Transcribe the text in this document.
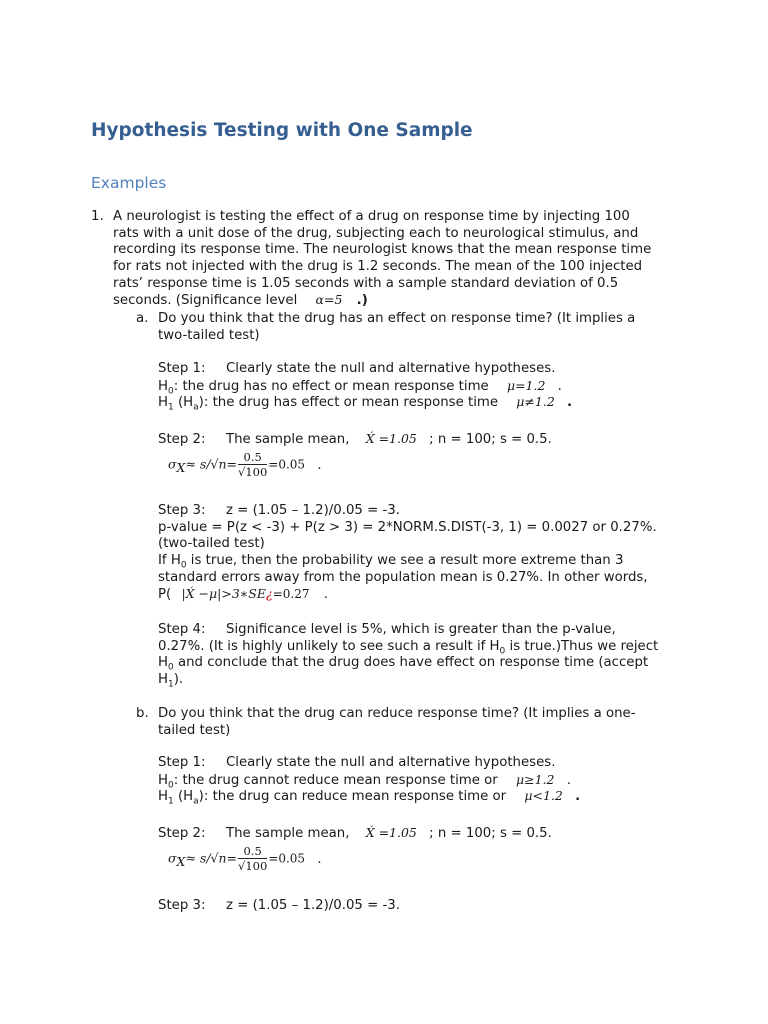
Hypothesis Testing with One Sample
Examples
1. A neurologist is testing the effect of a drug on response time by injecting 100
rats with a unit dose of the drug, subjecting each to neurological stimulus, and
recording its response time. The neurologist knows that the mean response time
for rats not injected with the drug is 1.2 seconds. The mean of the 100 injected
rats’ response time is 1.05 seconds with a sample standard deviation of 0.5
seconds. (Significance level α=5 .)
a. Do you think that the drug has an effect on response time? (It implies a
two-tailed test)
Step 1: Clearly state the null and alternative hypotheses.
$H_0$: the drug has no effect or mean response time μ=1.2 .
$H_1$ $(H_a)$: the drug has effect or mean response time μ≠1.2 .
Step 2: The sample mean, X́ =1.05 ; n = 100; s = 0.5.
$\sigma_X\approx s/√n= \frac{0.5}{√100} =0.05$ .
Step 3: z = (1.05 – 1.2)/0.05 = -3.
p-value = P(z < -3) + P(z > 3) = 2*NORM.S.DIST(-3, 1) = 0.0027 or 0.27%.
(two-tailed test)
If $H_0$ is true, then the probability we see a result more extreme than 3
standard errors away from the population mean is 0.27%. In other words,
P( |X́ −μ|>3∗SE¿=0.27 .
Step 4: Significance level is 5%, which is greater than the p-value,
0.27%. (It is highly unlikely to see such a result if $H_0$ is true.)Thus we reject
$H_0$ and conclude that the drug does have effect on response time (accept
$H_1$).
b. Do you think that the drug can reduce response time? (It implies a one-
tailed test)
Step 1: Clearly state the null and alternative hypotheses.
$H_0$: the drug cannot reduce mean response time or μ≥1.2 .
$H_1$ $(H_a)$: the drug can reduce mean response time or μ<1.2 .
Step 2: The sample mean, X́ =1.05 ; n = 100; s = 0.5.
$\sigma_X\approx s/√n= \frac{0.5}{√100} =0.05$ .
Step 3: z = (1.05 – 1.2)/0.05 = -3.
